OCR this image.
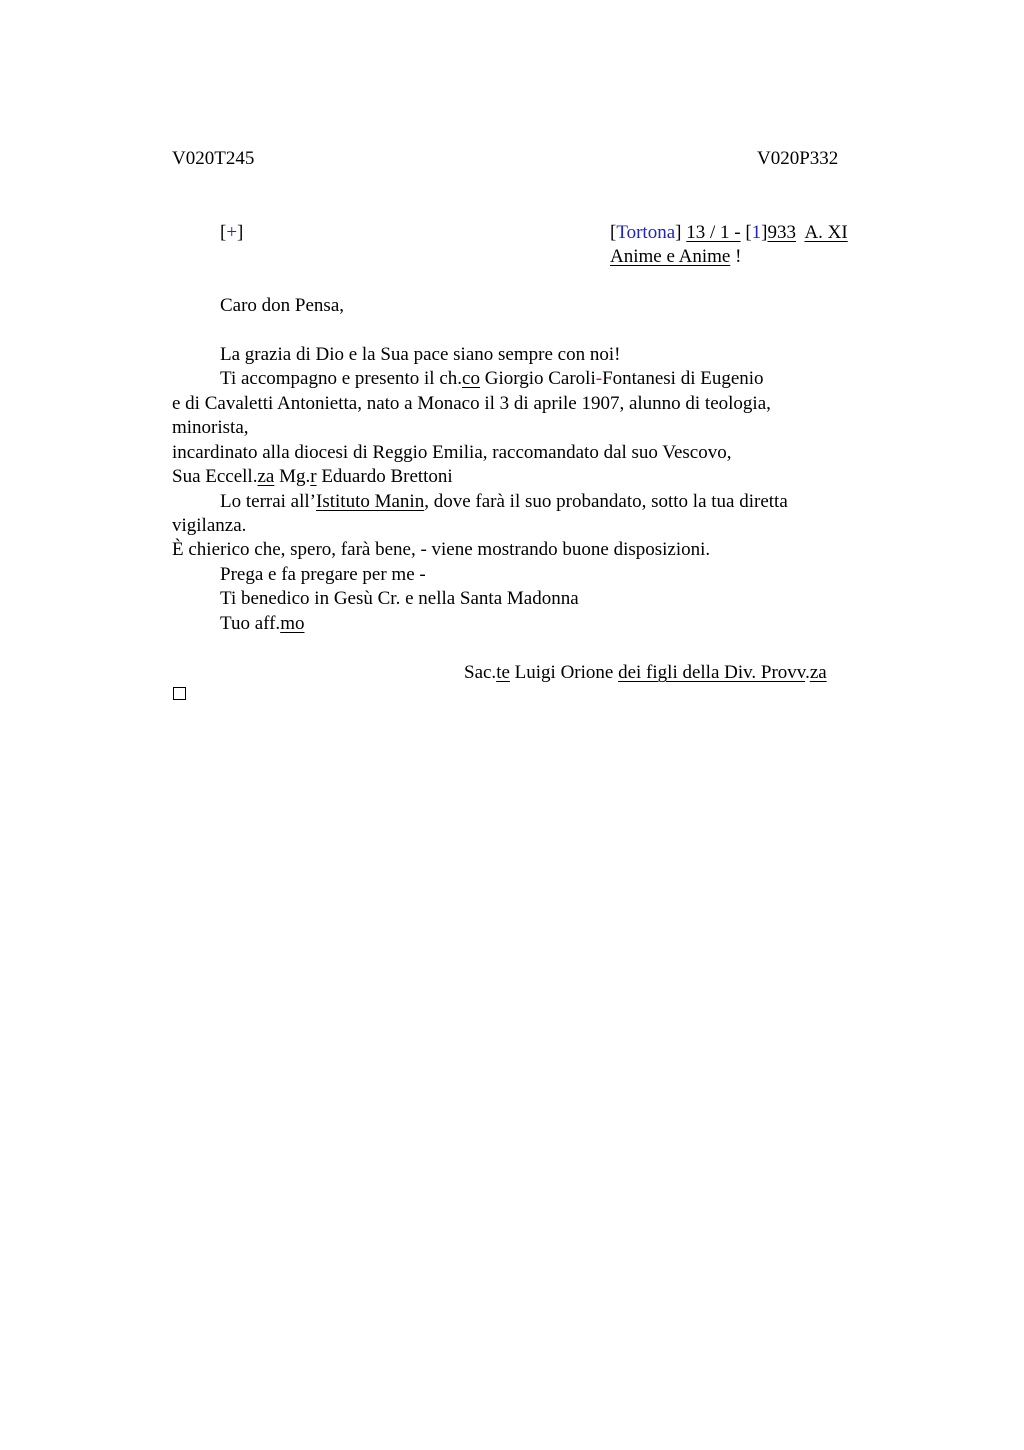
V020T245	V020P332
[+]	[Tortona] 13 / 1 - [1]933 A. XI
Anime e Anime !
Caro don Pensa,
La grazia di Dio e la Sua pace siano sempre con noi!
Ti accompagno e presento il ch.co Giorgio Caroli-Fontanesi di Eugenio
e di Cavaletti Antonietta, nato a Monaco il 3 di aprile 1907, alunno di teologia,
minorista,
incardinato alla diocesi di Reggio Emilia, raccomandato dal suo Vescovo,
Sua Eccell.za Mg.r Eduardo Brettoni
Lo terrai all’Istituto Manin, dove farà il suo probandato, sotto la tua diretta
vigilanza.
È chierico che, spero, farà bene, - viene mostrando buone disposizioni.
Prega e fa pregare per me -
Ti benedico in Gesù Cr. e nella Santa Madonna
Tuo aff.mo
Sac.te Luigi Orione dei figli della Div. Provv.za
